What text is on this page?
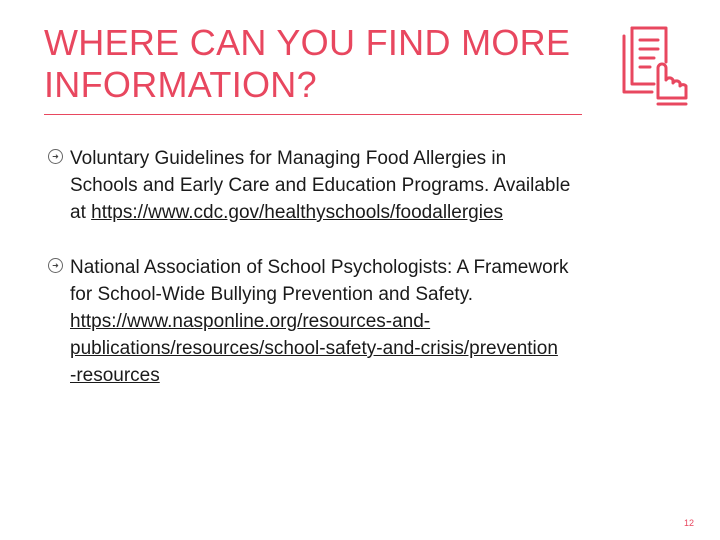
WHERE CAN YOU FIND MORE
INFORMATION?
➜ Voluntary Guidelines for Managing Food Allergies in
Schools and Early Care and Education Programs. Available
at https://www.cdc.gov/healthyschools/foodallergies
➜ National Association of School Psychologists: A Framework
for School-Wide Bullying Prevention and Safety.
https://www.nasponline.org/resources-and-
publications/resources/school-safety-and-crisis/prevention
-resources
12
